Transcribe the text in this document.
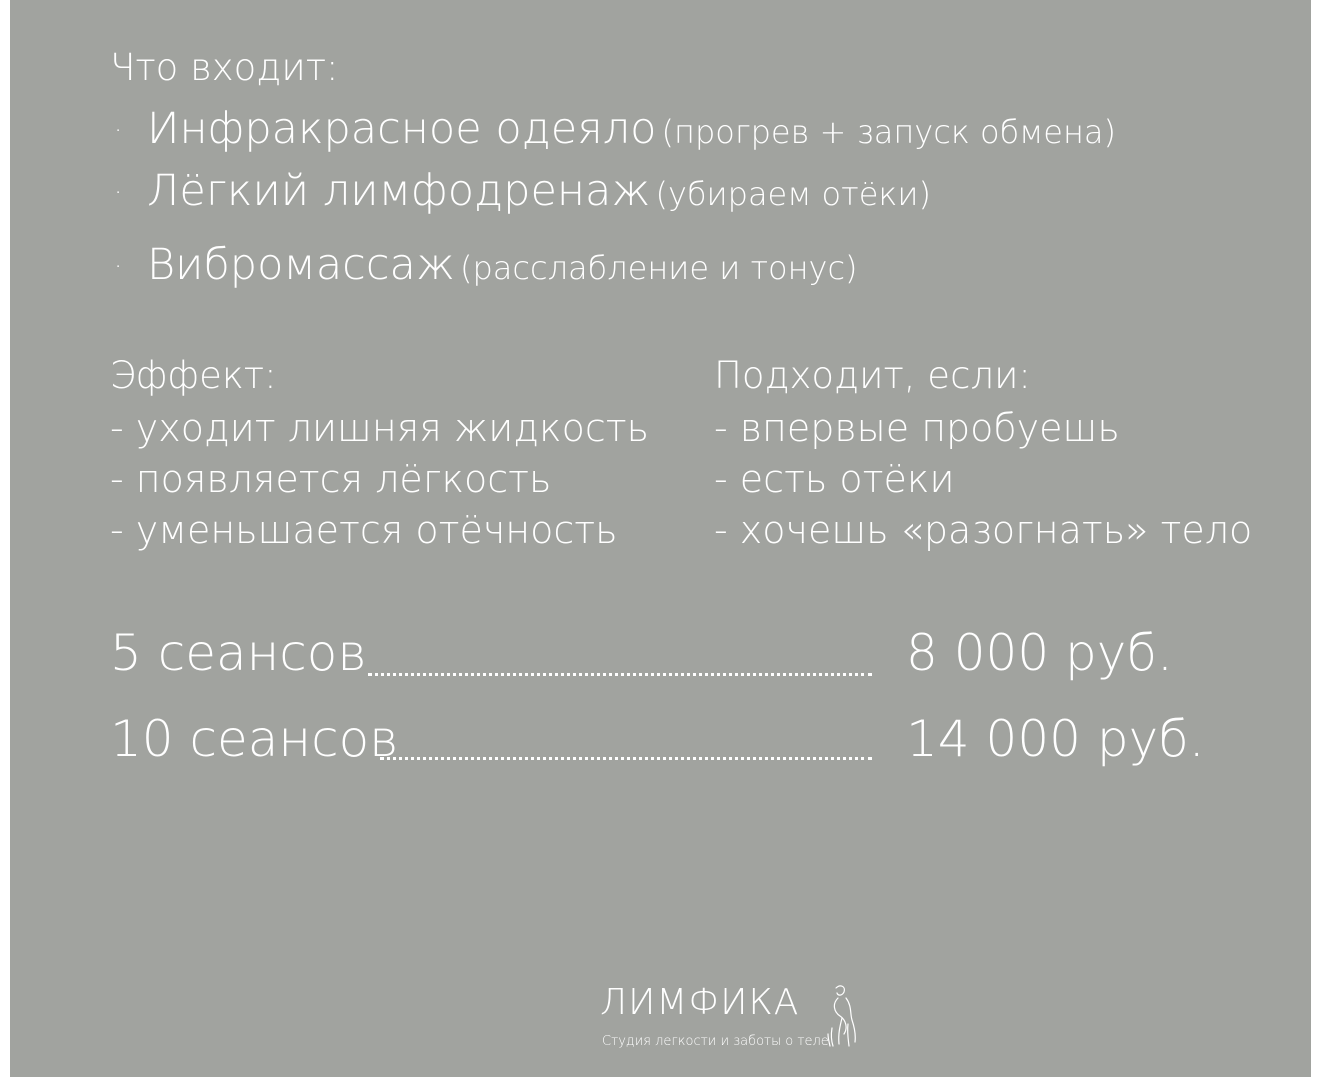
Что входит:
· Инфракрасное одеяло (прогрев + запуск обмена)
· Лёгкий лимфодренаж (убираем отёки)
· Вибромассаж (расслабление и тонус)
Эффект:
- уходит лишняя жидкость
- появляется лёгкость
- уменьшается отёчность
Подходит, если:
- впервые пробуешь
- есть отёки
- хочешь «разогнать» тело
5 сеансов	8 000 руб.
10 сеансов	14 000 руб.
ЛИМФИКА
Студия легкости и заботы о теле
